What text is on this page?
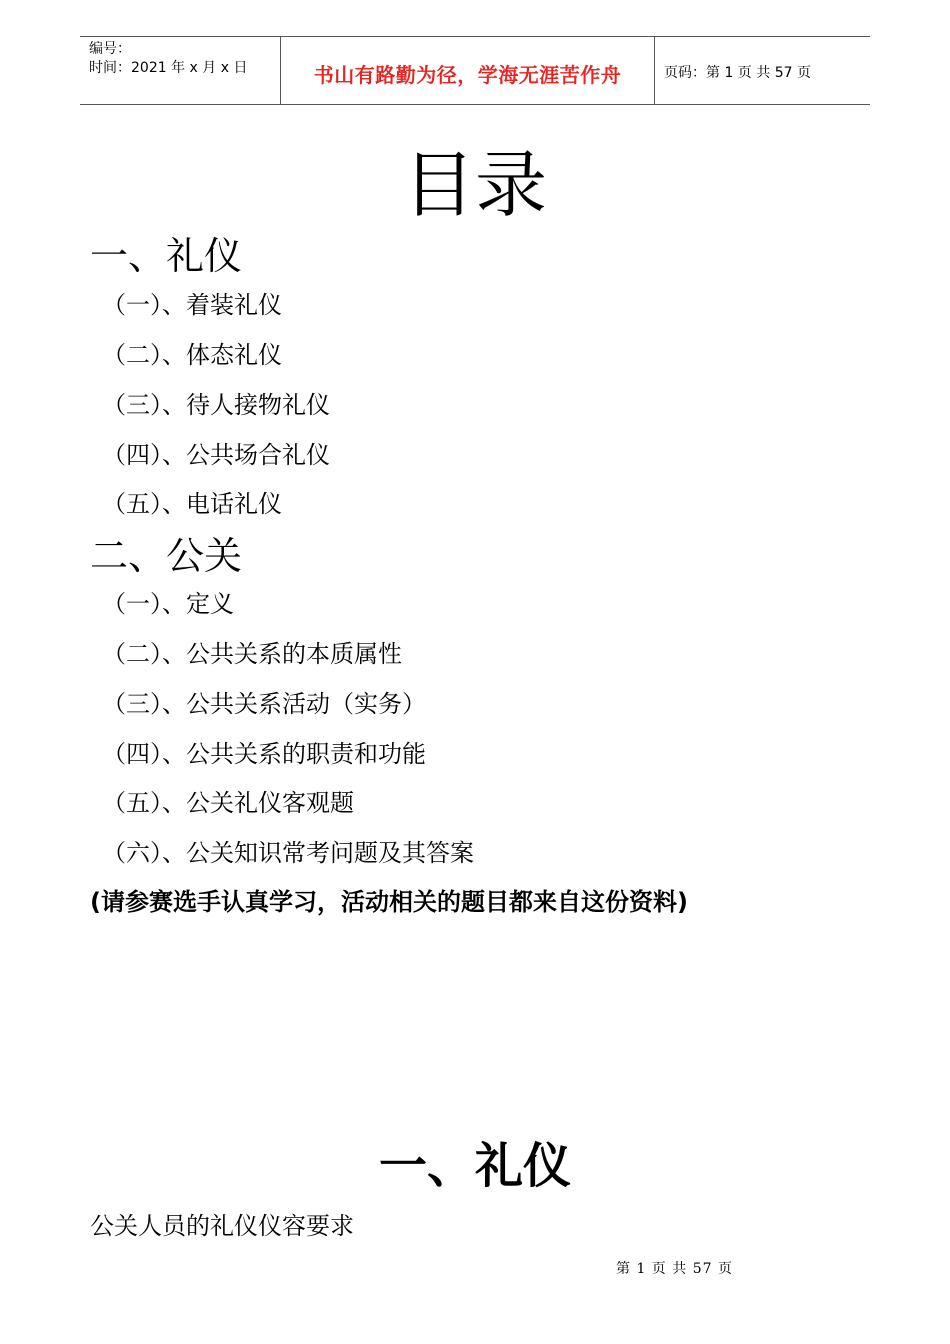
编号：
时间：2021 年 x 月 x 日	书山有路勤为径，学海无涯苦作舟	页码：第 1 页 共 57 页
目录
一、礼仪
（一）、着装礼仪
（二）、体态礼仪
（三）、待人接物礼仪
（四）、公共场合礼仪
（五）、电话礼仪
二、公关
（一）、定义
（二）、公共关系的本质属性
（三）、公共关系活动（实务）
（四）、公共关系的职责和功能
（五）、公关礼仪客观题
（六）、公关知识常考问题及其答案
(请参赛选手认真学习，活动相关的题目都来自这份资料)
一、礼仪
公关人员的礼仪仪容要求
第 1 页 共 57 页
